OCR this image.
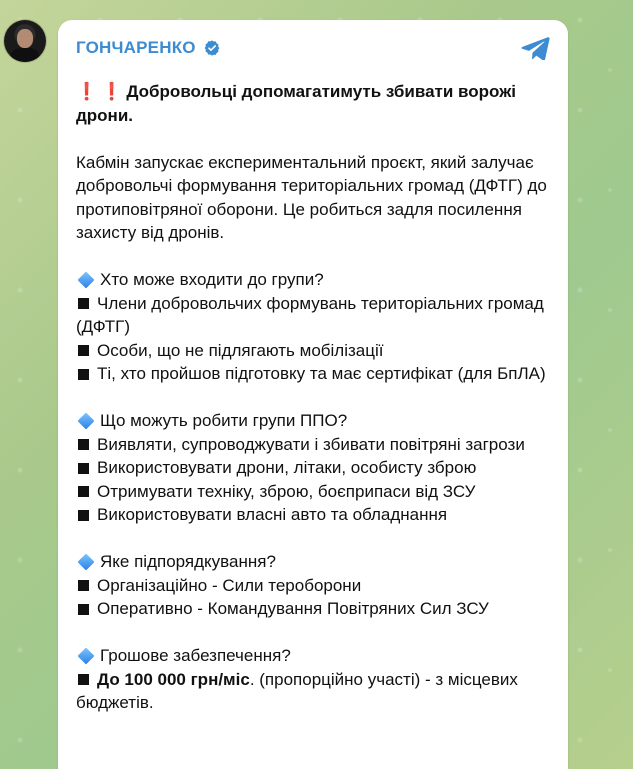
ГОНЧАРЕНКО
❗ ❗ Добровольці допомагатимуть збивати ворожі дрони.
Кабмін запускає експериментальний проєкт, який залучає добровольчі формування територіальних громад (ДФТГ) до протиповітряної оборони. Це робиться задля посилення захисту від дронів.
Хто може входити до групи?
Члени добровольчих формувань територіальних громад (ДФТГ)
Особи, що не підлягають мобілізації
Ті, хто пройшов підготовку та має сертифікат (для БпЛА)
Що можуть робити групи ППО?
Виявляти, супроводжувати і збивати повітряні загрози
Використовувати дрони, літаки, особисту зброю
Отримувати техніку, зброю, боєприпаси від ЗСУ
Використовувати власні авто та обладнання
Яке підпорядкування?
Організаційно - Сили тероборони
Оперативно - Командування Повітряних Сил ЗСУ
Грошове забезпечення?
До 100 000 грн/міс. (пропорційно участі) - з місцевих бюджетів.
